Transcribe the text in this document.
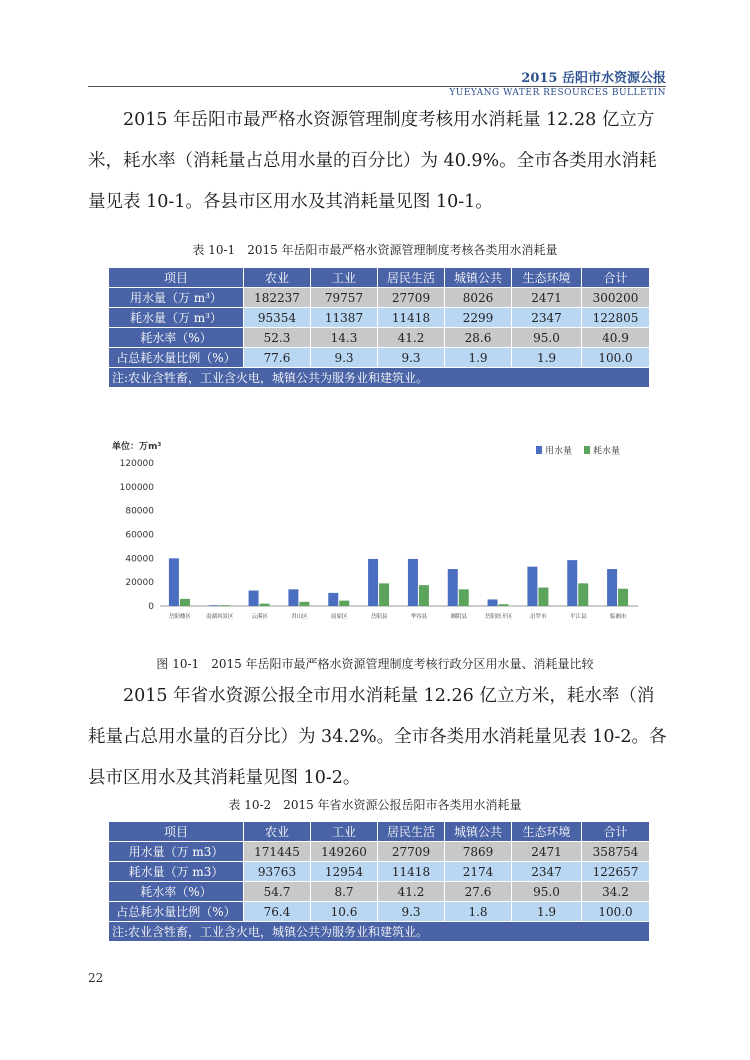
2015 岳阳市水资源公报
YUEYANG WATER RESOURCES BULLETIN

2015 年岳阳市最严格水资源管理制度考核用水消耗量 12.28 亿立方米，耗水率（消耗量占总用水量的百分比）为 40.9%。全市各类用水消耗量见表 10-1。各县市区用水及其消耗量见图 10-1。

表 10-1　2015 年岳阳市最严格水资源管理制度考核各类用水消耗量
项目	农业	工业	居民生活	城镇公共	生态环境	合计
用水量（万 m³）	182237	79757	27709	8026	2471	300200
耗水量（万 m³）	95354	11387	11418	2299	2347	122805
耗水率（%）	52.3	14.3	41.2	28.6	95.0	40.9
占总耗水量比例（%）	77.6	9.3	9.3	1.9	1.9	100.0
注:农业含牲畜，工业含火电，城镇公共为服务业和建筑业。						
单位：万m³
0
20000
40000
60000
80000
100000
120000
岳阳楼区	南湖风景区	云溪区	君山区	屈原区	岳阳县	华容县	湘阴县	岳阳经开区	汨罗市	平江县	临湘市
用水量 耗水量
图 10-1　2015 年岳阳市最严格水资源管理制度考核行政分区用水量、消耗量比较

2015 年省水资源公报全市用水消耗量 12.26 亿立方米，耗水率（消耗量占总用水量的百分比）为 34.2%。全市各类用水消耗量见表 10-2。各县市区用水及其消耗量见图 10-2。

表 10-2　2015 年省水资源公报岳阳市各类用水消耗量
项目	农业	工业	居民生活	城镇公共	生态环境	合计
用水量（万 m3）	171445	149260	27709	7869	2471	358754
耗水量（万 m3）	93763	12954	11418	2174	2347	122657
耗水率（%）	54.7	8.7	41.2	27.6	95.0	34.2
占总耗水量比例（%）	76.4	10.6	9.3	1.8	1.9	100.0
注:农业含牲畜，工业含火电，城镇公共为服务业和建筑业。						
22
